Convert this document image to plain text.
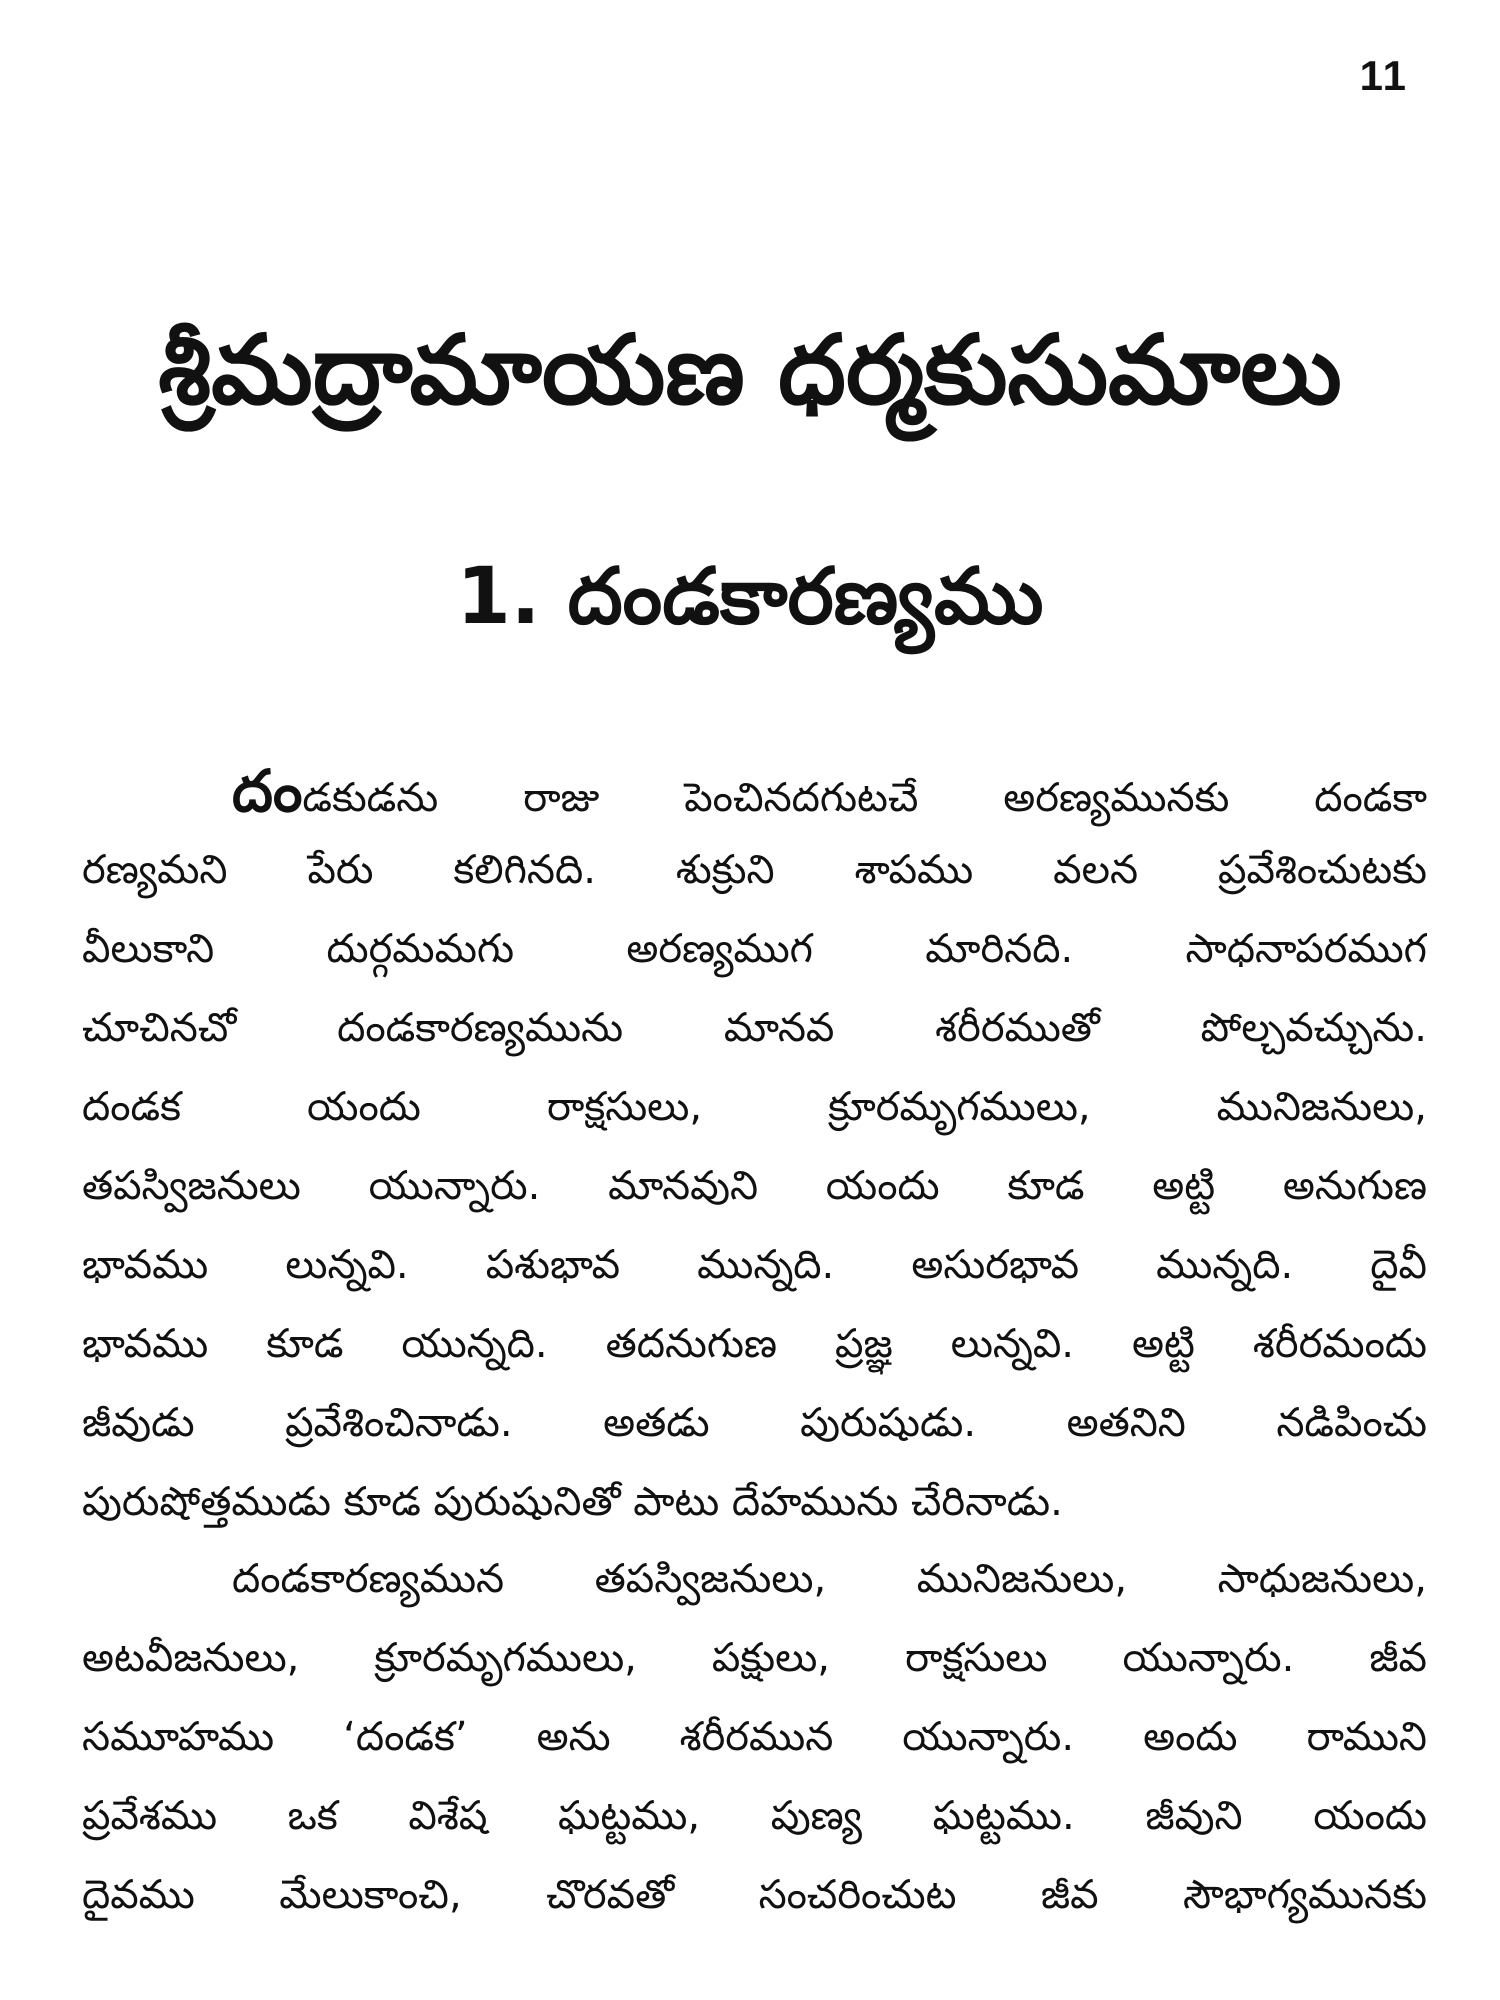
11
శ్రీమద్రామాయణ ధర్మకుసుమాలు
1. దండకారణ్యము
దండకుడను రాజు పెంచినదగుటచే అరణ్యమునకు దండకా
రణ్యమని పేరు కలిగినది. శుక్రుని శాపము వలన ప్రవేశించుటకు
వీలుకాని దుర్గమమగు అరణ్యముగ మారినది. సాధనాపరముగ
చూచినచో దండకారణ్యమును మానవ శరీరముతో పోల్చవచ్చును.
దండక యందు రాక్షసులు, క్రూరమృగములు, మునిజనులు,
తపస్విజనులు యున్నారు. మానవుని యందు కూడ అట్టి అనుగుణ
భావము లున్నవి. పశుభావ మున్నది. అసురభావ మున్నది. దైవీ
భావము కూడ యున్నది. తదనుగుణ ప్రజ్ఞ లున్నవి. అట్టి శరీరమందు
జీవుడు ప్రవేశించినాడు. అతడు పురుషుడు. అతనిని నడిపించు
పురుషోత్తముడు కూడ పురుషునితో పాటు దేహమును చేరినాడు.
దండకారణ్యమున తపస్విజనులు, మునిజనులు, సాధుజనులు,
అటవీజనులు, క్రూరమృగములు, పక్షులు, రాక్షసులు యున్నారు. జీవ
సమూహము ‘దండక’ అను శరీరమున యున్నారు. అందు రాముని
ప్రవేశము ఒక విశేష ఘట్టము, పుణ్య ఘట్టము. జీవుని యందు
దైవము మేలుకాంచి, చొరవతో సంచరించుట జీవ సౌభాగ్యమునకు
